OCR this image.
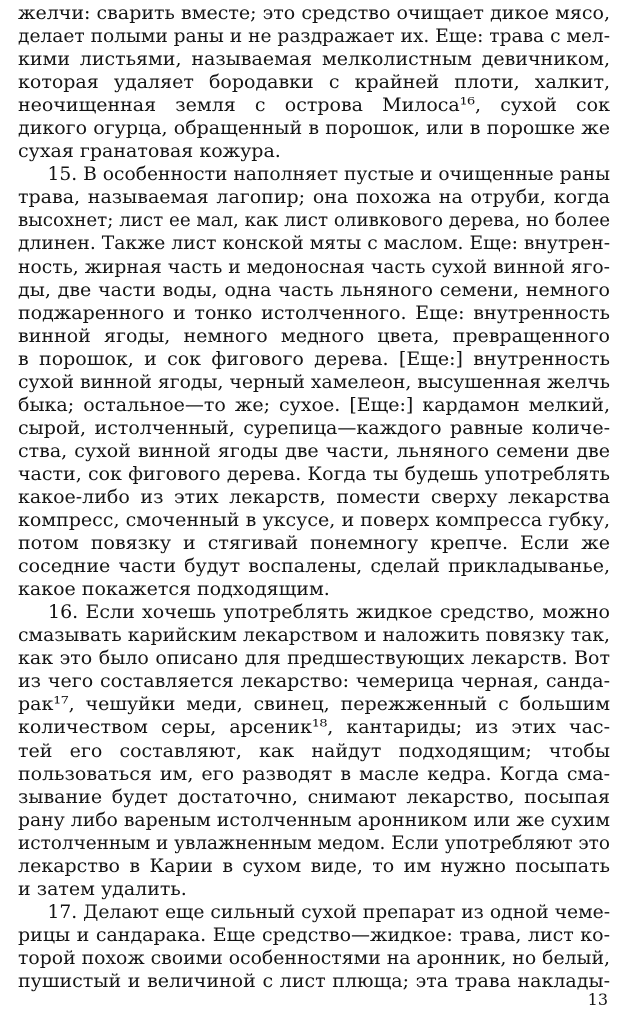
желчи: сварить вместе; это средство очищает дикое мясо,
делает полыми раны и не раздражает их. Еще: трава с мел-
кими листьями, называемая мелколистным девичником,
которая удаляет бородавки с крайней плоти, халкит,
неочищенная земля с острова Милоса¹⁶, сухой сок
дикого огурца, обращенный в порошок, или в порошке же
сухая гранатовая кожура.
15. В особенности наполняет пустые и очищенные раны
трава, называемая лагопир; она похожа на отруби, когда
высохнет; лист ее мал, как лист оливкового дерева, но более
длинен. Также лист конской мяты с маслом. Еще: внутрен-
ность, жирная часть и медоносная часть сухой винной яго-
ды, две части воды, одна часть льняного семени, немного
поджаренного и тонко истолченного. Еще: внутренность
винной ягоды, немного медного цвета, превращенного
в порошок, и сок фигового дерева. [Еще:] внутренность
сухой винной ягоды, черный хамелеон, высушенная желчь
быка; остальное—то же; сухое. [Еще:] кардамон мелкий,
сырой, истолченный, сурепица—каждого равные количе-
ства, сухой винной ягоды две части, льняного семени две
части, сок фигового дерева. Когда ты будешь употреблять
какое-либо из этих лекарств, помести сверху лекарства
компресс, смоченный в уксусе, и поверх компресса губку,
потом повязку и стягивай понемногу крепче. Если же
соседние части будут воспалены, сделай прикладыванье,
какое покажется подходящим.
16. Если хочешь употреблять жидкое средство, можно
смазывать карийским лекарством и наложить повязку так,
как это было описано для предшествующих лекарств. Вот
из чего составляется лекарство: чемерица черная, санда-
рак¹⁷, чешуйки меди, свинец, пережженный с большим
количеством серы, арсеник¹⁸, кантариды; из этих час-
тей его составляют, как найдут подходящим; чтобы
пользоваться им, его разводят в масле кедра. Когда сма-
зывание будет достаточно, снимают лекарство, посыпая
рану либо вареным истолченным аронником или же сухим
истолченным и увлажненным медом. Если употребляют это
лекарство в Карии в сухом виде, то им нужно посыпать
и затем удалить.
17. Делают еще сильный сухой препарат из одной чеме-
рицы и сандарака. Еще средство—жидкое: трава, лист ко-
торой похож своими особенностями на аронник, но белый,
пушистый и величиной с лист плюща; эта трава наклады-
13
